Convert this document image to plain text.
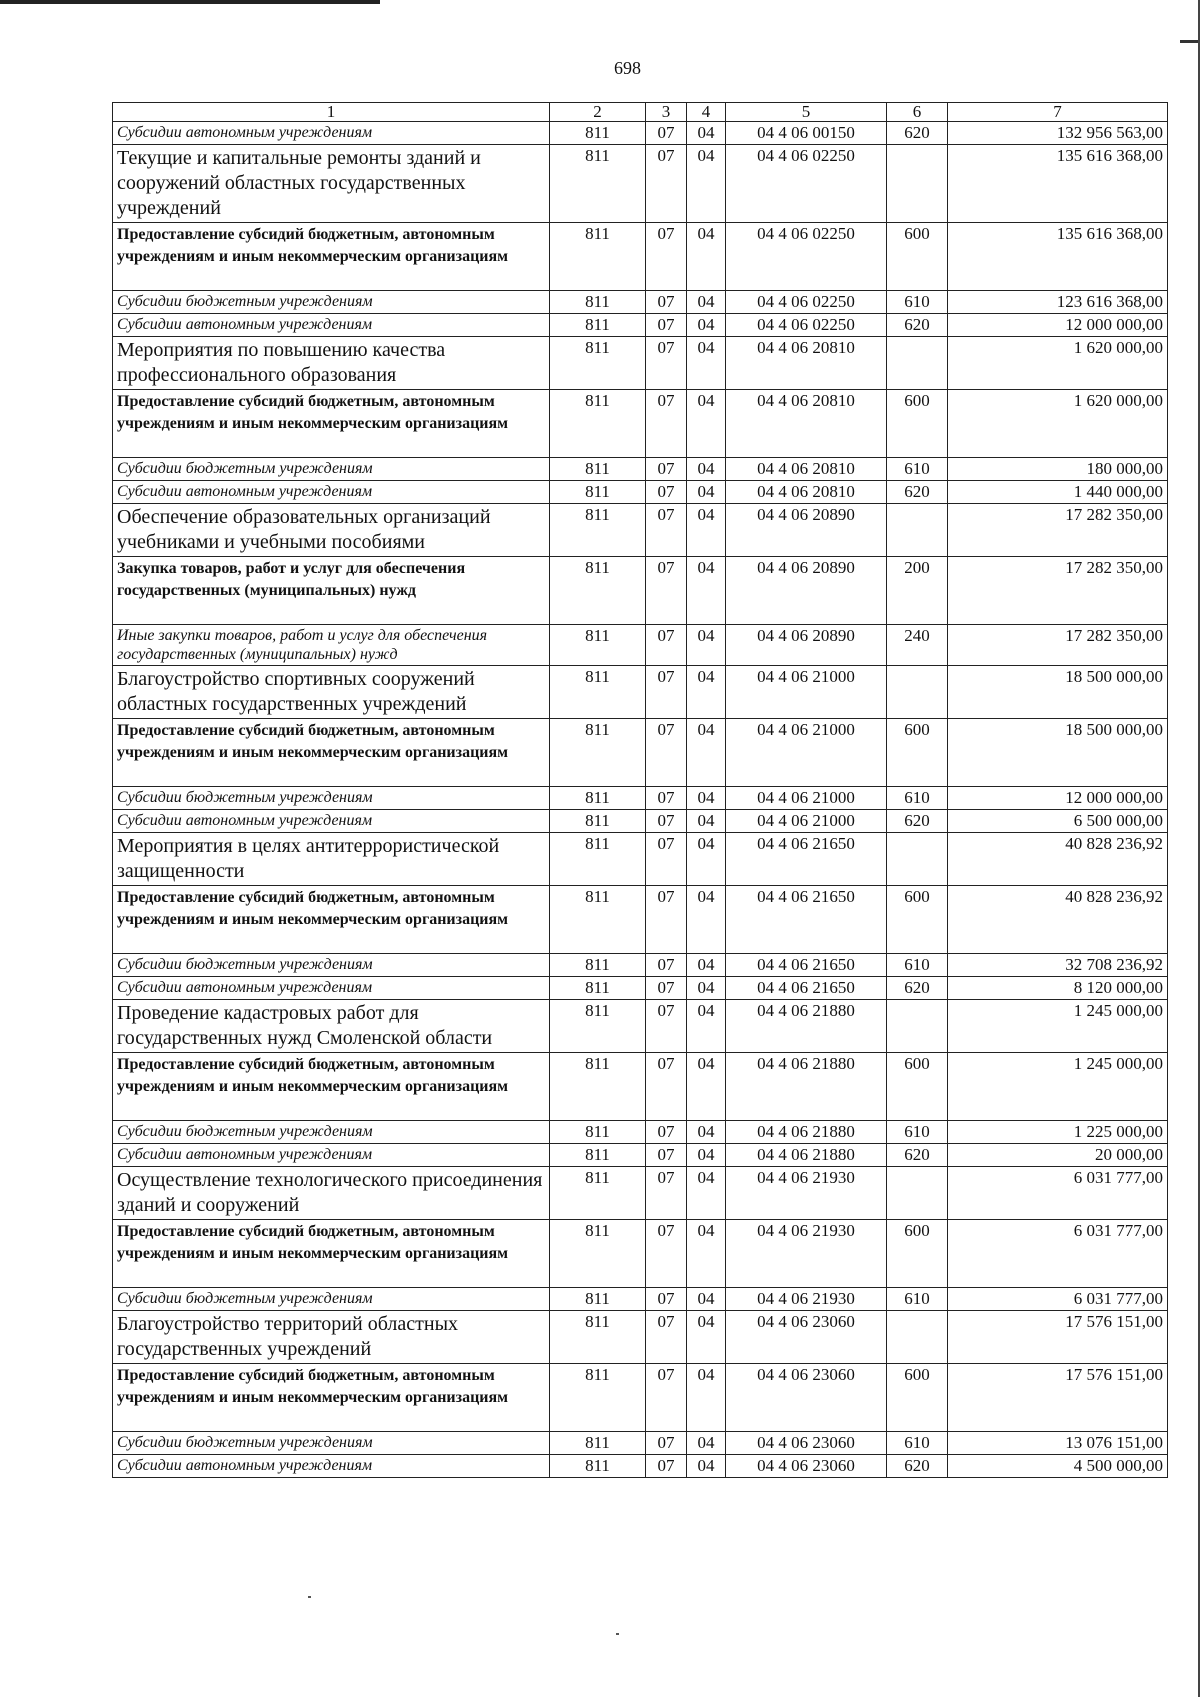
698
1	2	3	4	5	6	7
Субсидии автономным учреждениям	811	07	04	04 4 06 00150	620	132 956 563,00
Текущие и капитальные ремонты зданий и сооружений областных государственных учреждений	811	07	04	04 4 06 02250		135 616 368,00
Предоставление субсидий бюджетным, автономным учреждениям и иным некоммерческим организациям	811	07	04	04 4 06 02250	600	135 616 368,00
Субсидии бюджетным учреждениям	811	07	04	04 4 06 02250	610	123 616 368,00
Субсидии автономным учреждениям	811	07	04	04 4 06 02250	620	12 000 000,00
Мероприятия по повышению качества профессионального образования	811	07	04	04 4 06 20810		1 620 000,00
Предоставление субсидий бюджетным, автономным учреждениям и иным некоммерческим организациям	811	07	04	04 4 06 20810	600	1 620 000,00
Субсидии бюджетным учреждениям	811	07	04	04 4 06 20810	610	180 000,00
Субсидии автономным учреждениям	811	07	04	04 4 06 20810	620	1 440 000,00
Обеспечение образовательных организаций учебниками и учебными пособиями	811	07	04	04 4 06 20890		17 282 350,00
Закупка товаров, работ и услуг для обеспечения государственных (муниципальных) нужд	811	07	04	04 4 06 20890	200	17 282 350,00
Иные закупки товаров, работ и услуг для обеспечения государственных (муниципальных) нужд	811	07	04	04 4 06 20890	240	17 282 350,00
Благоустройство спортивных сооружений областных государственных учреждений	811	07	04	04 4 06 21000		18 500 000,00
Предоставление субсидий бюджетным, автономным учреждениям и иным некоммерческим организациям	811	07	04	04 4 06 21000	600	18 500 000,00
Субсидии бюджетным учреждениям	811	07	04	04 4 06 21000	610	12 000 000,00
Субсидии автономным учреждениям	811	07	04	04 4 06 21000	620	6 500 000,00
Мероприятия в целях антитеррористической защищенности	811	07	04	04 4 06 21650		40 828 236,92
Предоставление субсидий бюджетным, автономным учреждениям и иным некоммерческим организациям	811	07	04	04 4 06 21650	600	40 828 236,92
Субсидии бюджетным учреждениям	811	07	04	04 4 06 21650	610	32 708 236,92
Субсидии автономным учреждениям	811	07	04	04 4 06 21650	620	8 120 000,00
Проведение кадастровых работ для государственных нужд Смоленской области	811	07	04	04 4 06 21880		1 245 000,00
Предоставление субсидий бюджетным, автономным учреждениям и иным некоммерческим организациям	811	07	04	04 4 06 21880	600	1 245 000,00
Субсидии бюджетным учреждениям	811	07	04	04 4 06 21880	610	1 225 000,00
Субсидии автономным учреждениям	811	07	04	04 4 06 21880	620	20 000,00
Осуществление технологического присоединения зданий и сооружений	811	07	04	04 4 06 21930		6 031 777,00
Предоставление субсидий бюджетным, автономным учреждениям и иным некоммерческим организациям	811	07	04	04 4 06 21930	600	6 031 777,00
Субсидии бюджетным учреждениям	811	07	04	04 4 06 21930	610	6 031 777,00
Благоустройство территорий областных государственных учреждений	811	07	04	04 4 06 23060		17 576 151,00
Предоставление субсидий бюджетным, автономным учреждениям и иным некоммерческим организациям	811	07	04	04 4 06 23060	600	17 576 151,00
Субсидии бюджетным учреждениям	811	07	04	04 4 06 23060	610	13 076 151,00
Субсидии автономным учреждениям	811	07	04	04 4 06 23060	620	4 500 000,00
